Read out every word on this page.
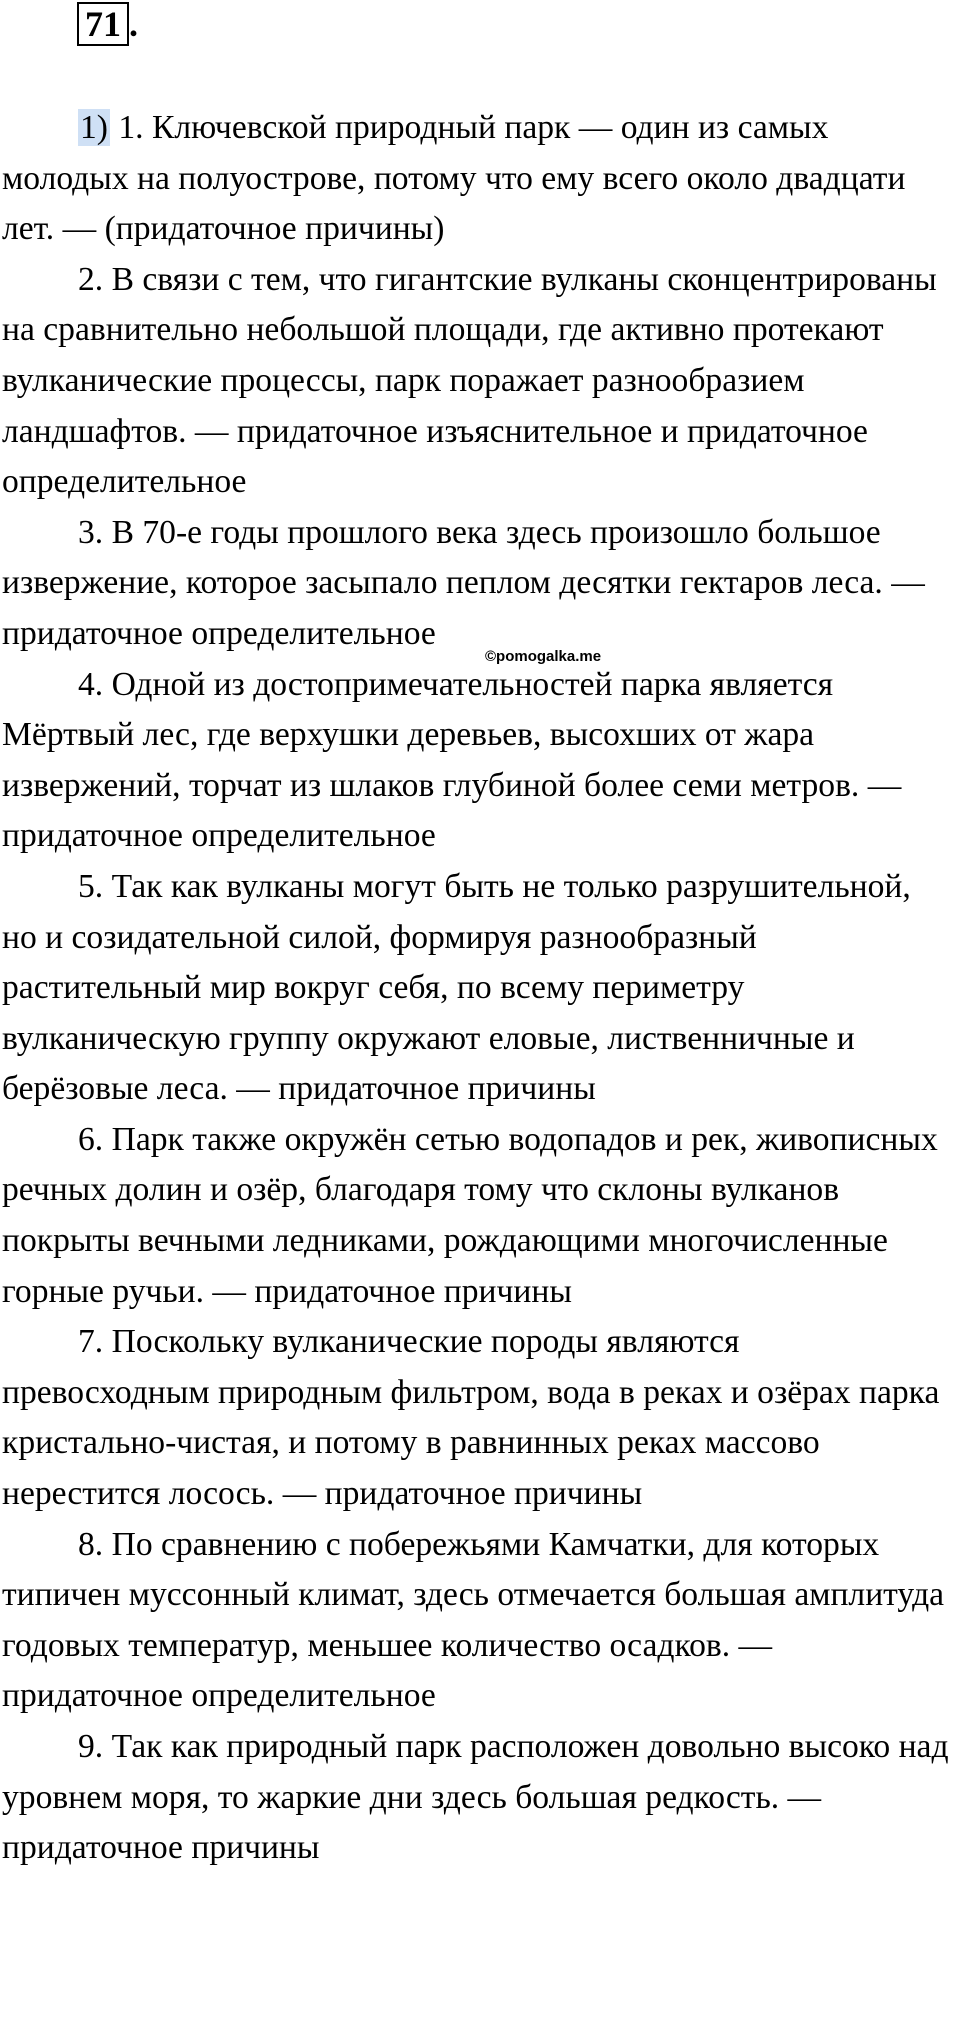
71 .
©pomogalka.me

1) 1. Ключевской природный парк — один из самых молодых на полуострове, потому что ему всего около двадцати лет. — (придаточное причины)

2. В связи с тем, что гигантские вулканы сконцентрированы на сравнительно небольшой площади, где активно протекают вулканические процессы, парк поражает разнообразием ландшафтов. — придаточное изъяснительное и придаточное определительное

3. В 70-е годы прошлого века здесь произошло большое извержение, которое засыпало пеплом десятки гектаров леса. — придаточное определительное

4. Одной из достопримечательностей парка является Мёртвый лес, где верхушки деревьев, высохших от жара извержений, торчат из шлаков глубиной более семи метров. — придаточное определительное

5. Так как вулканы могут быть не только разрушительной, но и созидательной силой, формируя разнообразный растительный мир вокруг себя, по всему периметру вулканическую группу окружают еловые, лиственничные и берёзовые леса. — придаточное причины

6. Парк также окружён сетью водопадов и рек, живописных речных долин и озёр, благодаря тому что склоны вулканов покрыты вечными ледниками, рождающими многочисленные горные ручьи. — придаточное причины

7. Поскольку вулканические породы являются превосходным природным фильтром, вода в реках и озёрах парка кристально-чистая, и потому в равнинных реках массово нерестится лосось. — придаточное причины

8. По сравнению с побережьями Камчатки, для которых типичен муссонный климат, здесь отмечается большая амплитуда годовых температур, меньшее количество осадков. — придаточное определительное

9. Так как природный парк расположен довольно высоко над уровнем моря, то жаркие дни здесь большая редкость. — придаточное причины
